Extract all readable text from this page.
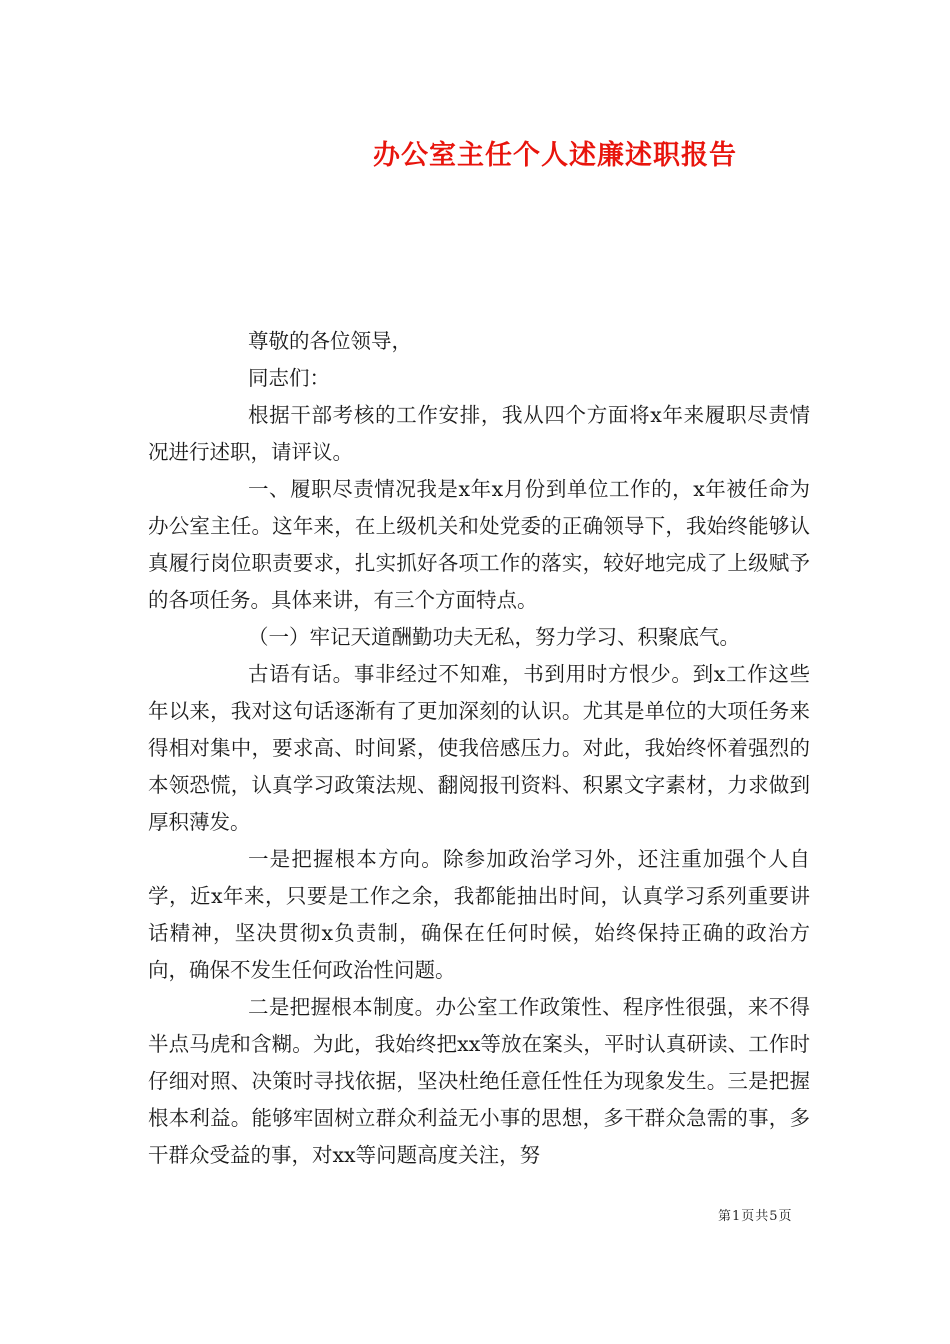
办公室主任个人述廉述职报告

尊敬的各位领导，

同志们：

根据干部考核的工作安排，我从四个方面将x年来履职尽责情况进行述职，请评议。

一、履职尽责情况我是x年x月份到单位工作的，x年被任命为办公室主任。这年来，在上级机关和处党委的正确领导下，我始终能够认真履行岗位职责要求，扎实抓好各项工作的落实，较好地完成了上级赋予的各项任务。具体来讲，有三个方面特点。

（一）牢记天道酬勤功夫无私，努力学习、积聚底气。

古语有话。事非经过不知难，书到用时方恨少。到x工作这些年以来，我对这句话逐渐有了更加深刻的认识。尤其是单位的大项任务来得相对集中，要求高、时间紧，使我倍感压力。对此，我始终怀着强烈的本领恐慌，认真学习政策法规、翻阅报刊资料、积累文字素材，力求做到厚积薄发。

一是把握根本方向。除参加政治学习外，还注重加强个人自学，近x年来，只要是工作之余，我都能抽出时间，认真学习系列重要讲话精神，坚决贯彻x负责制，确保在任何时候，始终保持正确的政治方向，确保不发生任何政治性问题。

二是把握根本制度。办公室工作政策性、程序性很强，来不得半点马虎和含糊。为此，我始终把xx等放在案头，平时认真研读、工作时仔细对照、决策时寻找依据，坚决杜绝任意任性任为现象发生。三是把握根本利益。能够牢固树立群众利益无小事的思想，多干群众急需的事，多干群众受益的事，对xx等问题高度关注，努

第1页共5页
